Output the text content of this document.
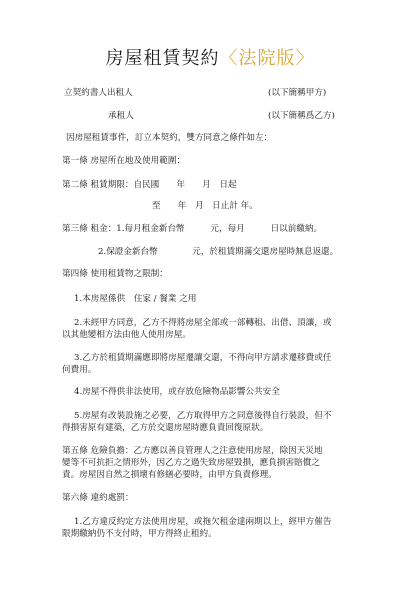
房屋租賃契約〈法院版〉
立契約書人出租人	(以下簡稱甲方)
承租人	(以下簡稱爲乙方)
因房屋租賃事件，訂立本契約，雙方同意之條件如左：
第一條 房屋所在地及使用範圍：
第二條 租賃期限：自民國　　年　　月　日起
至　　年　月　日止計 年。
第三條 租金：1.每月租金新台幣　　　元，每月　　　日以前繳納。
2.保證金新台幣　　　　元，於租賃期滿交還房屋時無息返還。
第四條 使用租賃物之限制：
1.本房屋係供　住家 / 餐業 之用
2.未經甲方同意，乙方不得將房屋全部或一部轉租、出借、頂讓，或
以其他變相方法由他人使用房屋。
3.乙方於租賃期滿應即將房屋遷讓交還，不得向甲方請求遷移費或任
何費用。
4.房屋不得供非法使用，或存放危險物品影響公共安全
5.房屋有改裝設施之必要，乙方取得甲方之同意後得自行裝設，但不
得損害原有建築，乙方於交還房屋時應負責回復原狀。
第五條 危險負擔：乙方應以善良管理人之注意使用房屋，除因天災地
變等不可抗拒之情形外，因乙方之過失致房屋毀損，應負損害賠償之
責。房屋因自然之損壞有修繕必要時，由甲方負責修理。
第六條 違約處罰：
1.乙方違反約定方法使用房屋，或拖欠租金達兩期以上，經甲方催告
限期繳納仍不支付時，甲方得終止租約。
